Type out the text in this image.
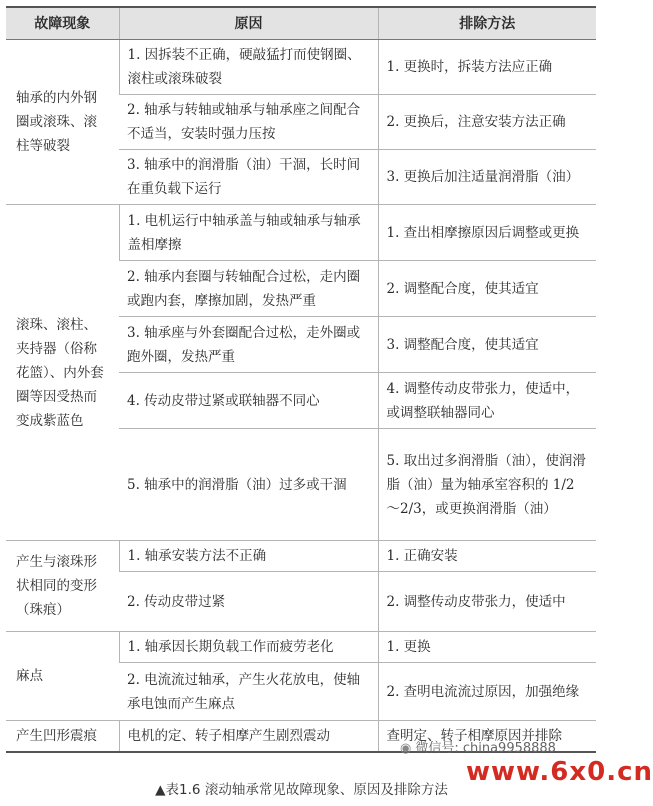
故障现象	原因	排除方法
轴承的内外钢圈或滚珠、滚柱等破裂	1. 因拆装不正确，硬敲猛打而使钢圈、滚柱或滚珠破裂	1. 更换时，拆装方法应正确
	2. 轴承与转轴或轴承与轴承座之间配合不适当，安装时强力压按	2. 更换后，注意安装方法正确
	3. 轴承中的润滑脂（油）干涸，长时间在重负载下运行	3. 更换后加注适量润滑脂（油）
滚珠、滚柱、夹持器（俗称花篮）、内外套圈等因受热而变成紫蓝色	1. 电机运行中轴承盖与轴或轴承与轴承盖相摩擦	1. 查出相摩擦原因后调整或更换
	2. 轴承内套圈与转轴配合过松，走内圈或跑内套，摩擦加剧，发热严重	2. 调整配合度，使其适宜
	3. 轴承座与外套圈配合过松，走外圈或跑外圈，发热严重	3. 调整配合度，使其适宜
	4. 传动皮带过紧或联轴器不同心	4. 调整传动皮带张力，使适中，或调整联轴器同心
	5. 轴承中的润滑脂（油）过多或干涸	5. 取出过多润滑脂（油），使润滑脂（油）量为轴承室容积的 1/2～2/3，或更换润滑脂（油）
产生与滚珠形状相同的变形（珠痕）	1. 轴承安装方法不正确	1. 正确安装
	2. 传动皮带过紧	2. 调整传动皮带张力，使适中
麻点	1. 轴承因长期负载工作而疲劳老化	1. 更换
	2. 电流流过轴承，产生火花放电，使轴承电蚀而产生麻点	2. 查明电流流过原因，加强绝缘
产生凹形震痕	电机的定、转子相摩产生剧烈震动	查明定、转子相摩原因并排除
◉ 微信号: china9958888
www.6x0.cn
▲表1.6 滚动轴承常见故障现象、原因及排除方法
